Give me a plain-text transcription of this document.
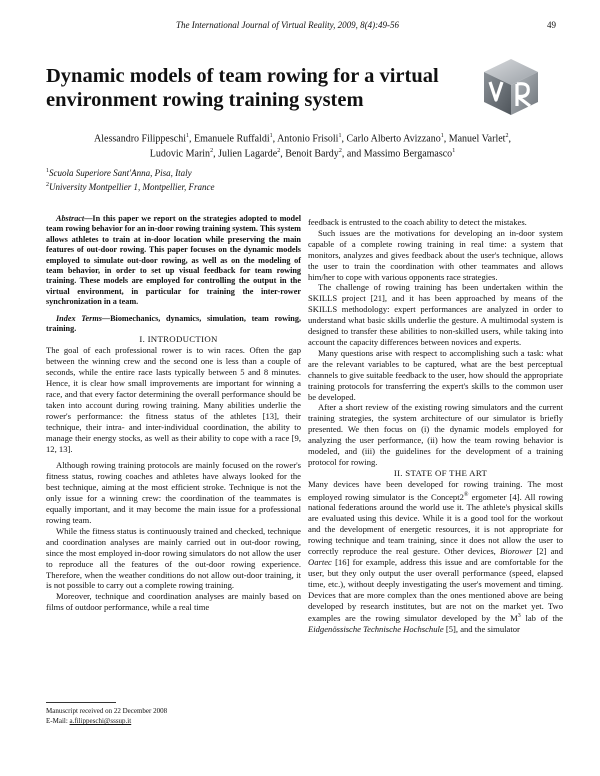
The International Journal of Virtual Reality, 2009, 8(4):49-56	49
Dynamic models of team rowing for a virtual environment rowing training system
Alessandro Filippeschi$^1$, Emanuele Ruffaldi$^1$, Antonio Frisoli$^1$, Carlo Alberto Avizzano$^1$, Manuel Varlet$^2$,
Ludovic Marin$^2$, Julien Lagarde$^2$, Benoit Bardy$^2$, and Massimo Bergamasco$^1$
$^1$Scuola Superiore Sant'Anna, Pisa, Italy
$^2$University Montpellier 1, Montpellier, France

Abstract—In this paper we report on the strategies adopted to model team rowing behavior for an in-door rowing training system. This system allows athletes to train at in-door location while preserving the main features of out-door rowing. This paper focuses on the dynamic models employed to simulate out-door rowing, as well as on the modeling of team behavior, in order to set up visual feedback for team rowing training. These models are employed for controlling the output in the virtual environment, in particular for training the inter-rower synchronization in a team.

Index Terms—Biomechanics, dynamics, simulation, team rowing, training.

I. INTRODUCTION

The goal of each professional rower is to win races. Often the gap between the winning crew and the second one is less than a couple of seconds, while the entire race lasts typically between 5 and 8 minutes. Hence, it is clear how small improvements are important for winning a race, and that every factor determining the overall performance should be taken into account during rowing training. Many abilities underlie the rower's performance: the fitness status of the athletes [13], their technique, their intra- and inter-individual coordination, the ability to manage their energy stocks, as well as their ability to cope with a race [9, 12, 13].

Although rowing training protocols are mainly focused on the rower's fitness status, rowing coaches and athletes have always looked for the best technique, aiming at the most efficient stroke. Technique is not the only issue for a winning crew: the coordination of the teammates is equally important, and it may become the main issue for a professional rowing team.

While the fitness status is continuously trained and checked, technique and coordination analyses are mainly carried out in out-door rowing, since the most employed in-door rowing simulators do not allow the user to reproduce all the features of the out-door rowing experience. Therefore, when the weather conditions do not allow out-door training, it is not possible to carry out a complete rowing training.

Moreover, technique and coordination analyses are mainly based on films of outdoor performance, while a real time

feedback is entrusted to the coach ability to detect the mistakes.

Such issues are the motivations for developing an in-door system capable of a complete rowing training in real time: a system that monitors, analyzes and gives feedback about the user's technique, allows the user to train the coordination with other teammates and allows him/her to cope with various opponents race strategies.

The challenge of rowing training has been undertaken within the SKILLS project [21], and it has been approached by means of the SKILLS methodology: expert performances are analyzed in order to understand what basic skills underlie the gesture. A multimodal system is designed to transfer these abilities to non-skilled users, while taking into account the capacity differences between novices and experts.

Many questions arise with respect to accomplishing such a task: what are the relevant variables to be captured, what are the best perceptual channels to give suitable feedback to the user, how should the appropriate training protocols for transferring the expert's skills to the common user be developed.

After a short review of the existing rowing simulators and the current training strategies, the system architecture of our simulator is briefly presented. We then focus on (i) the dynamic models employed for analyzing the user performance, (ii) how the team rowing behavior is modeled, and (iii) the guidelines for the development of a training protocol for rowing.

II. STATE OF THE ART

Many devices have been developed for rowing training. The most employed rowing simulator is the Concept2® ergometer [4]. All rowing national federations around the world use it. The athlete's physical skills are evaluated using this device. While it is a good tool for the workout and the development of energetic resources, it is not appropriate for rowing technique and team training, since it does not allow the user to correctly reproduce the real gesture. Other devices, Biorower [2] and Oartec [16] for example, address this issue and are comfortable for the user, but they only output the user overall performance (speed, elapsed time, etc.), without deeply investigating the user's movement and timing. Devices that are more complex than the ones mentioned above are being developed by research institutes, but are not on the market yet. Two examples are the rowing simulator developed by the $M^3$ lab of the Eidgenössische Technische Hochschule [5], and the simulator

Manuscript received on 22 December 2008
E-Mail: a.filippeschi@sssup.it
